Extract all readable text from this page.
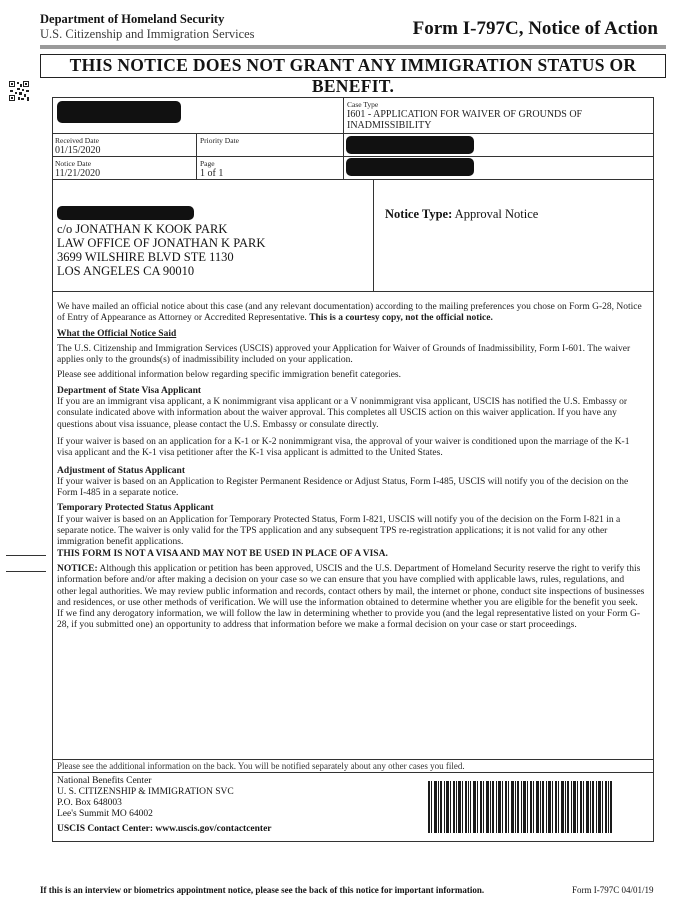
Department of Homeland Security
U.S. Citizenship and Immigration Services	Form I-797C, Notice of Action
THIS NOTICE DOES NOT GRANT ANY IMMIGRATION STATUS OR BENEFIT.
Case Type
I601 - APPLICATION FOR WAIVER OF GROUNDS OF INADMISSIBILITY
Received Date
01/15/2020
Priority Date
Notice Date
11/21/2020
Page
1 of 1
c/o JONATHAN K KOOK PARK
LAW OFFICE OF JONATHAN K PARK
3699 WILSHIRE BLVD STE 1130
LOS ANGELES CA 90010
Notice Type: Approval Notice

We have mailed an official notice about this case (and any relevant documentation) according to the mailing preferences you chose on Form G-28, Notice of Entry of Appearance as Attorney or Accredited Representative. This is a courtesy copy, not the official notice.

What the Official Notice Said

The U.S. Citizenship and Immigration Services (USCIS) approved your Application for Waiver of Grounds of Inadmissibility, Form I-601. The waiver applies only to the grounds(s) of inadmissibility included on your application.

Please see additional information below regarding specific immigration benefit categories.

Department of State Visa Applicant

If you are an immigrant visa applicant, a K nonimmigrant visa applicant or a V nonimmigrant visa applicant, USCIS has notified the U.S. Embassy or consulate indicated above with information about the waiver approval. This completes all USCIS action on this waiver application. If you have any questions about visa issuance, please contact the U.S. Embassy or consulate directly.

If your waiver is based on an application for a K-1 or K-2 nonimmigrant visa, the approval of your waiver is conditioned upon the marriage of the K-1 visa applicant and the K-1 visa petitioner after the K-1 visa applicant is admitted to the United States.

Adjustment of Status Applicant

If your waiver is based on an Application to Register Permanent Residence or Adjust Status, Form I-485, USCIS will notify you of the decision on the Form I-485 in a separate notice.

Temporary Protected Status Applicant
If your waiver is based on an Application for Temporary Protected Status, Form I-821, USCIS will notify you of the decision on the Form I-821 in a separate notice. The waiver is only valid for the TPS application and any subsequent TPS re-registration applications; it is not valid for any other immigration benefit applications.

THIS FORM IS NOT A VISA AND MAY NOT BE USED IN PLACE OF A VISA.

NOTICE: Although this application or petition has been approved, USCIS and the U.S. Department of Homeland Security reserve the right to verify this information before and/or after making a decision on your case so we can ensure that you have complied with applicable laws, rules, regulations, and other legal authorities. We may review public information and records, contact others by mail, the internet or phone, conduct site inspections of businesses and residences, or use other methods of verification. We will use the information obtained to determine whether you are eligible for the benefit you seek. If we find any derogatory information, we will follow the law in determining whether to provide you (and the legal representative listed on your Form G-28, if you submitted one) an opportunity to address that information before we make a formal decision on your case or start proceedings.

Please see the additional information on the back. You will be notified separately about any other cases you filed.
National Benefits Center
U. S. CITIZENSHIP & IMMIGRATION SVC
P.O. Box 648003
Lee's Summit MO 64002
USCIS Contact Center: www.uscis.gov/contactcenter
If this is an interview or biometrics appointment notice, please see the back of this notice for important information.	Form I-797C 04/01/19
